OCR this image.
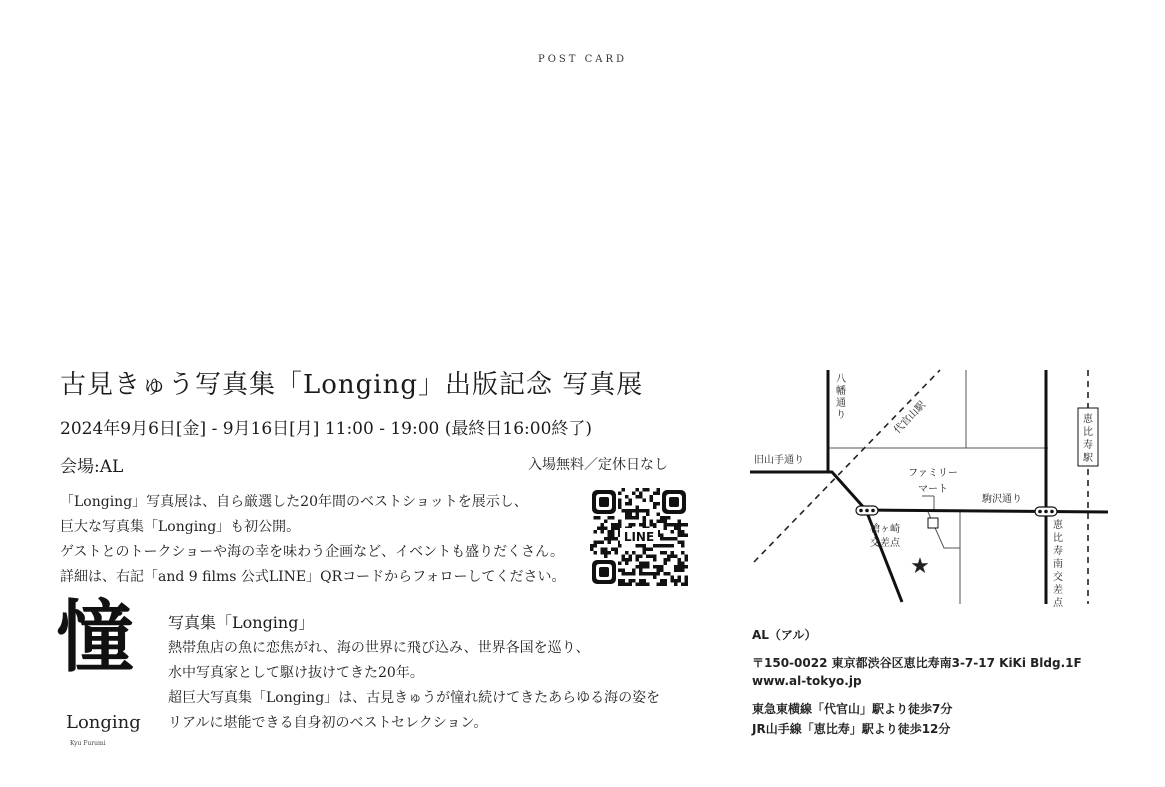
POST CARD
古見きゅう写真集「Longing」出版記念 写真展
2024年9月6日[金] - 9月16日[月] 11:00 - 19:00 (最終日16:00終了)
会場:AL	入場無料／定休日なし
「Longing」写真展は、自ら厳選した20年間のベストショットを展示し、
巨大な写真集「Longing」も初公開。
ゲストとのトークショーや海の幸を味わう企画など、イベントも盛りだくさん。
詳細は、右記「and 9 films 公式LINE」QRコードからフォローしてください。
LINE
憧
Longing
Kyu Furumi
写真集「Longing」
熱帯魚店の魚に恋焦がれ、海の世界に飛び込み、世界各国を巡り、
水中写真家として駆け抜けてきた20年。
超巨大写真集「Longing」は、古見きゅうが憧れ続けてきたあらゆる海の姿を
リアルに堪能できる自身初のベストセレクション。
★
八
幡
通
り	代官山駅
旧山手通り
ファミリー
マート
駒沢通り
恵
比
寿
駅
槍ヶ崎
交差点
恵
比
寿
南
交
差
点
AL（アル）
〒150-0022 東京都渋谷区恵比寿南3-7-17 KiKi Bldg.1F
www.al-tokyo.jp
東急東横線「代官山」駅より徒歩7分
JR山手線「恵比寿」駅より徒歩12分
